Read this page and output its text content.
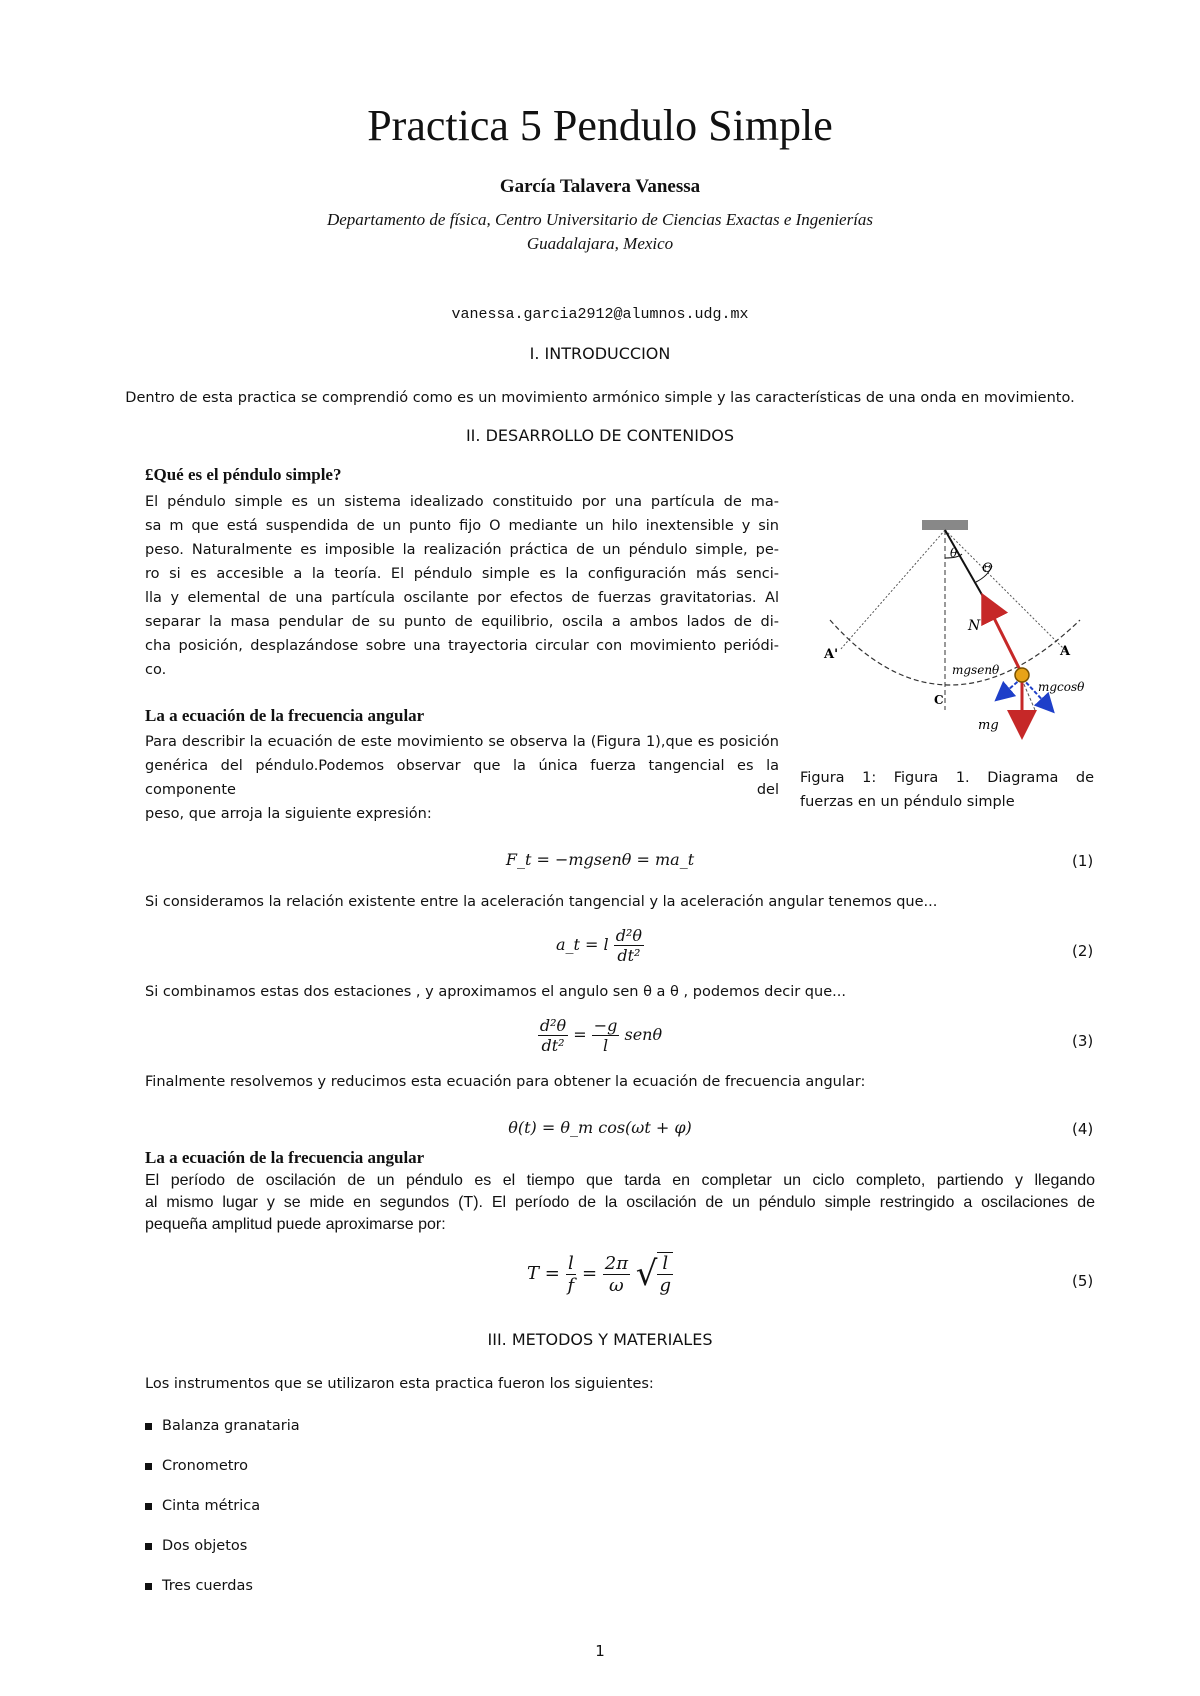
Practica 5 Pendulo Simple
García Talavera Vanessa
Departamento de física, Centro Universitario de Ciencias Exactas e Ingenierías
Guadalajara, Mexico
vanessa.garcia2912@alumnos.udg.mx
I. INTRODUCCION
Dentro de esta practica se comprendió como es un movimiento armónico simple y las características de una onda en movimiento.
II. DESARROLLO DE CONTENIDOS
£Qué es el péndulo simple?
El péndulo simple es un sistema idealizado constituido por una partícula de ma-
sa m que está suspendida de un punto fijo O mediante un hilo inextensible y sin
peso. Naturalmente es imposible la realización práctica de un péndulo simple, pe-
ro si es accesible a la teoría. El péndulo simple es la configuración más senci-
lla y elemental de una partícula oscilante por efectos de fuerzas gravitatorias. Al
separar la masa pendular de su punto de equilibrio, oscila a ambos lados de di-
cha posición, desplazándose sobre una trayectoria circular con movimiento periódi-
co.
La a ecuación de la frecuencia angular
Para describir la ecuación de este movimiento se observa la (Figura 1),que es posición
genérica del péndulo.Podemos observar que la única fuerza tangencial es la componente del
peso, que arroja la siguiente expresión:
θ
Θ
N
A'	A
C
mgsenθ
mgcosθ
mg
Figura 1: Figura 1. Diagrama de
fuerzas en un péndulo simple
F_t = −mgsenθ = ma_t	(1)
Si consideramos la relación existente entre la aceleración tangencial y la aceleración angular tenemos que...
a_t = l $\frac{\text{d²θ}}{\text{dt²}}$	(2)
Si combinamos estas dos estaciones , y aproximamos el angulo sen θ a θ , podemos decir que...
$\frac{\text{d²θ}}{\text{dt²}} = \frac{-g}{l}$ senθ	(3)
Finalmente resolvemos y reducimos esta ecuación para obtener la ecuación de frecuencia angular:
θ(t) = θ_m cos(ωt + φ)	(4)
La a ecuación de la frecuencia angular
El período de oscilación de un péndulo es el tiempo que tarda en completar un ciclo completo, partiendo y llegando
al mismo lugar y se mide en segundos (T). El período de la oscilación de un péndulo simple restringido a oscilaciones de
pequeña amplitud puede aproximarse por:
$T = \frac{l}{f} = \frac{2\pi}{\omega}$ √ $\frac{l}{g}$	(5)
III. METODOS Y MATERIALES
Los instrumentos que se utilizaron esta practica fueron los siguientes:
Balanza granataria
Cronometro
Cinta métrica
Dos objetos
Tres cuerdas
1
